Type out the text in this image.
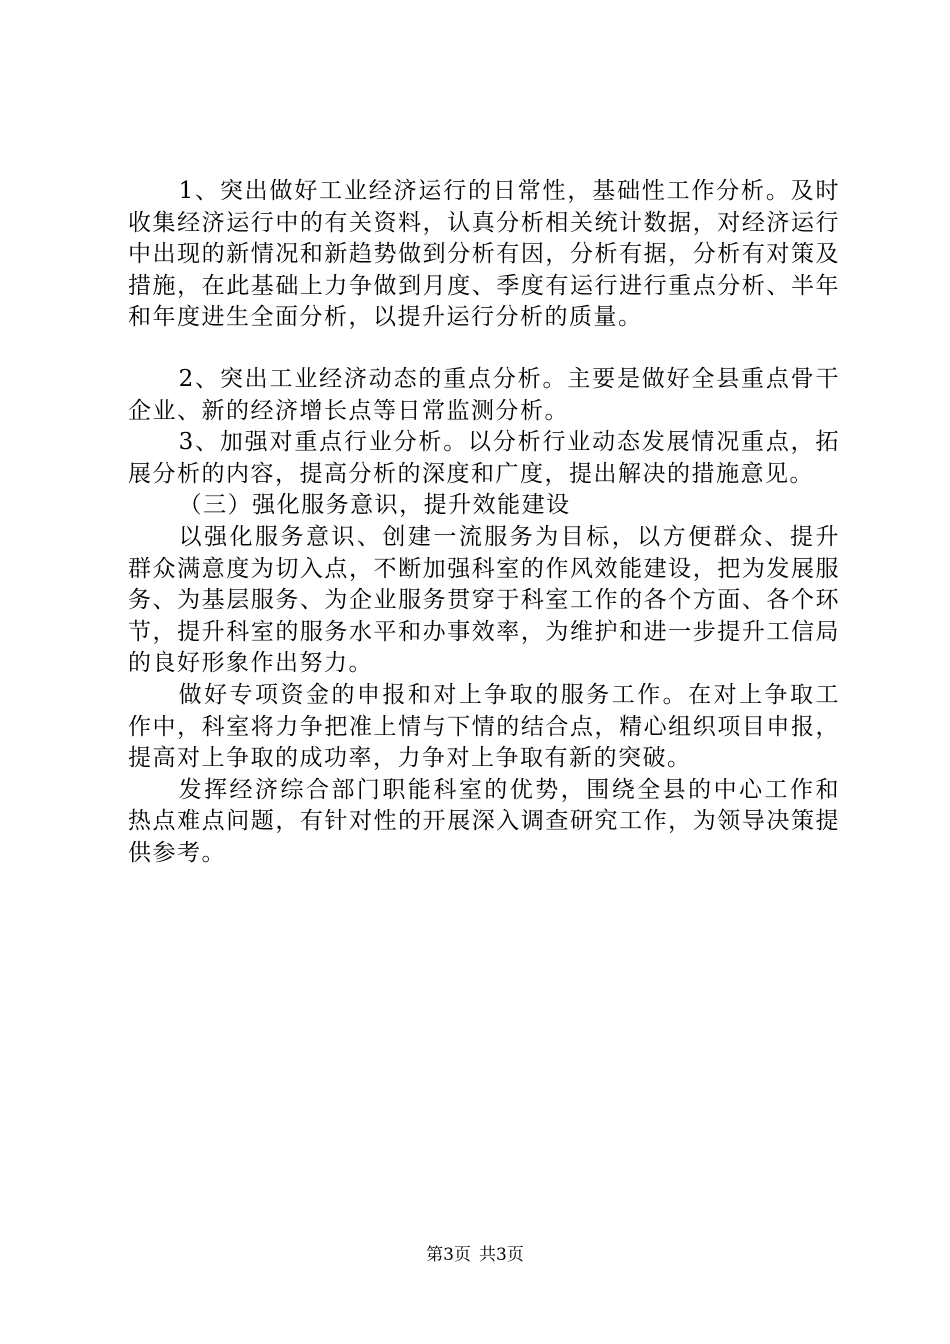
1、突出做好工业经济运行的日常性，基础性工作分析。及时收集经济运行中的有关资料，认真分析相关统计数据，对经济运行中出现的新情况和新趋势做到分析有因，分析有据，分析有对策及措施，在此基础上力争做到月度、季度有运行进行重点分析、半年和年度进生全面分析，以提升运行分析的质量。

2、突出工业经济动态的重点分析。主要是做好全县重点骨干企业、新的经济增长点等日常监测分析。

3、加强对重点行业分析。以分析行业动态发展情况重点，拓展分析的内容，提高分析的深度和广度，提出解决的措施意见。

（三）强化服务意识，提升效能建设

以强化服务意识、创建一流服务为目标，以方便群众、提升群众满意度为切入点，不断加强科室的作风效能建设，把为发展服务、为基层服务、为企业服务贯穿于科室工作的各个方面、各个环节，提升科室的服务水平和办事效率，为维护和进一步提升工信局的良好形象作出努力。

做好专项资金的申报和对上争取的服务工作。在对上争取工作中，科室将力争把准上情与下情的结合点，精心组织项目申报，提高对上争取的成功率，力争对上争取有新的突破。

发挥经济综合部门职能科室的优势，围绕全县的中心工作和热点难点问题，有针对性的开展深入调查研究工作，为领导决策提供参考。

第3页 共3页
